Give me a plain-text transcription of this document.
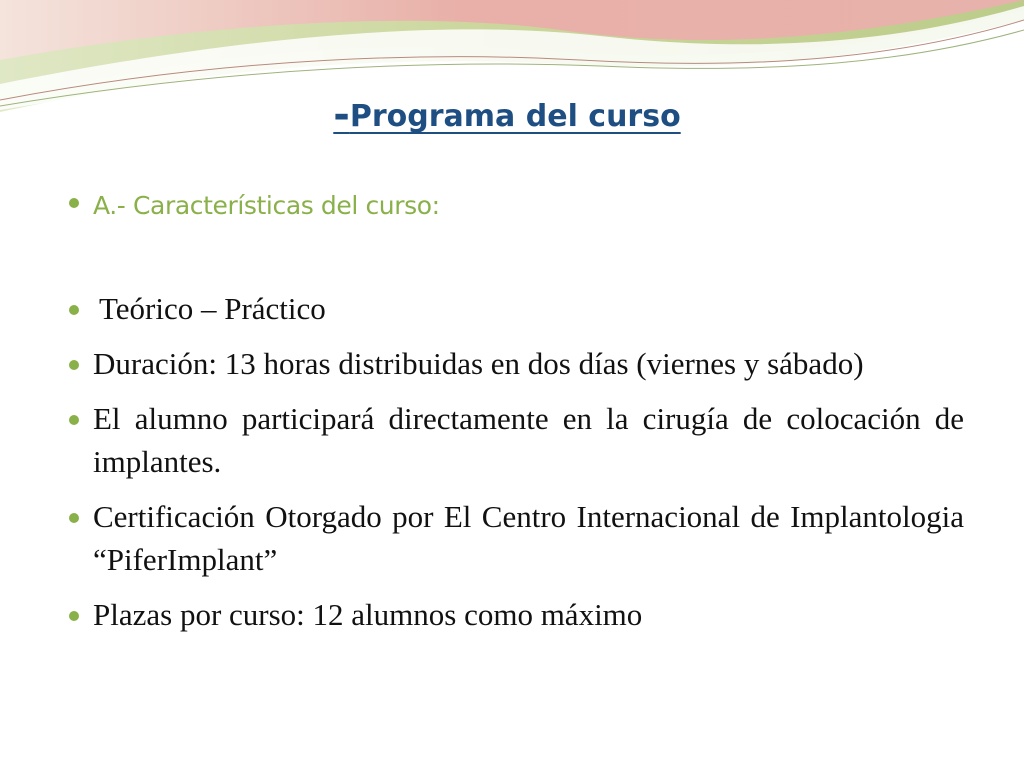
-Programa del curso
A.- Características del curso:
Teórico – Práctico
Duración: 13 horas distribuidas en dos días (viernes y sábado)
El alumno participará directamente en la cirugía de colocación de implantes.
Certificación Otorgado por El Centro Internacional de Implantologia “PiferImplant”
Plazas por curso: 12 alumnos como máximo
